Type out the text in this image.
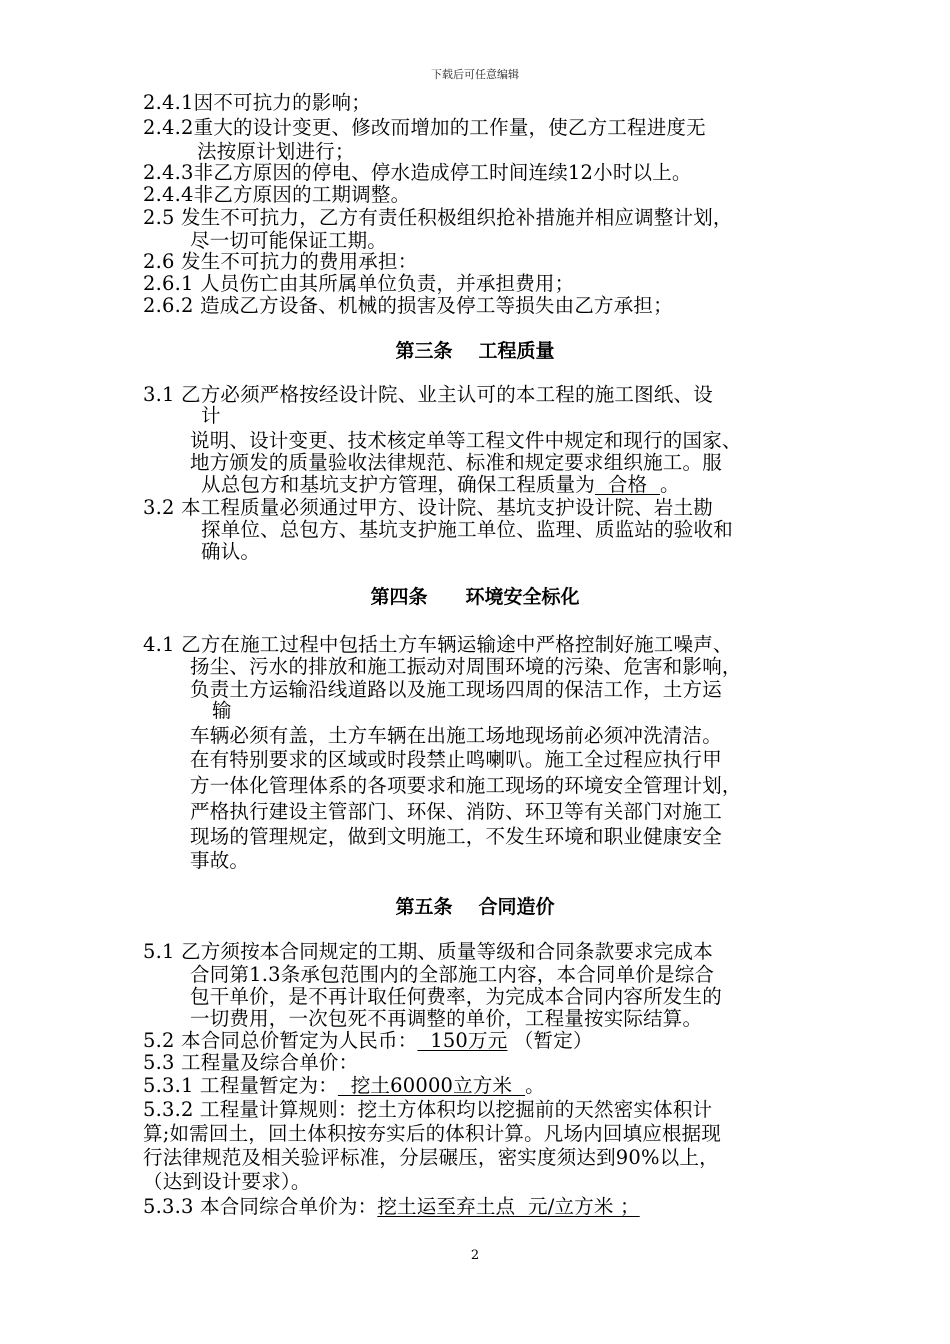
下载后可任意编辑
2.4.1因不可抗力的影响；
2.4.2重大的设计变更、修改而增加的工作量，使乙方工程进度无
法按原计划进行；
2.4.3非乙方原因的停电、停水造成停工时间连续12小时以上。
2.4.4非乙方原因的工期调整。
2.5 发生不可抗力，乙方有责任积极组织抢补措施并相应调整计划，
尽一切可能保证工期。
2.6 发生不可抗力的费用承担：
2.6.1 人员伤亡由其所属单位负责，并承担费用；
2.6.2 造成乙方设备、机械的损害及停工等损失由乙方承担；
第三条 工程质量
3.1 乙方必须严格按经设计院、业主认可的本工程的施工图纸、设
计
说明、设计变更、技术核定单等工程文件中规定和现行的国家、
地方颁发的质量验收法律规范、标准和规定要求组织施工。服
从总包方和基坑支护方管理，确保工程质量为  合格  。
3.2 本工程质量必须通过甲方、设计院、基坑支护设计院、岩土勘
探单位、总包方、基坑支护施工单位、监理、质监站的验收和
确认。
第四条 环境安全标化
4.1 乙方在施工过程中包括土方车辆运输途中严格控制好施工噪声、
扬尘、污水的排放和施工振动对周围环境的污染、危害和影响，
负责土方运输沿线道路以及施工现场四周的保洁工作，土方运
输
车辆必须有盖，土方车辆在出施工场地现场前必须冲洗清洁。
在有特别要求的区域或时段禁止鸣喇叭。施工全过程应执行甲
方一体化管理体系的各项要求和施工现场的环境安全管理计划，
严格执行建设主管部门、环保、消防、环卫等有关部门对施工
现场的管理规定，做到文明施工，不发生环境和职业健康安全
事故。
第五条 合同造价
5.1 乙方须按本合同规定的工期、质量等级和合同条款要求完成本
合同第1.3条承包范围内的全部施工内容，本合同单价是综合
包干单价，是不再计取任何费率，为完成本合同内容所发生的
一切费用，一次包死不再调整的单价，工程量按实际结算。
5.2 本合同总价暂定为人民币：  150万元 （暂定）
5.3 工程量及综合单价：
5.3.1 工程量暂定为：  挖土60000立方米  。
5.3.2 工程量计算规则：挖土方体积均以挖掘前的天然密实体积计
算;如需回土，回土体积按夯实后的体积计算。凡场内回填应根据现
行法律规范及相关验评标准，分层碾压，密实度须达到90%以上，
（达到设计要求）。
5.3.3 本合同综合单价为：挖土运至弃土点  元/立方米 ；
2
